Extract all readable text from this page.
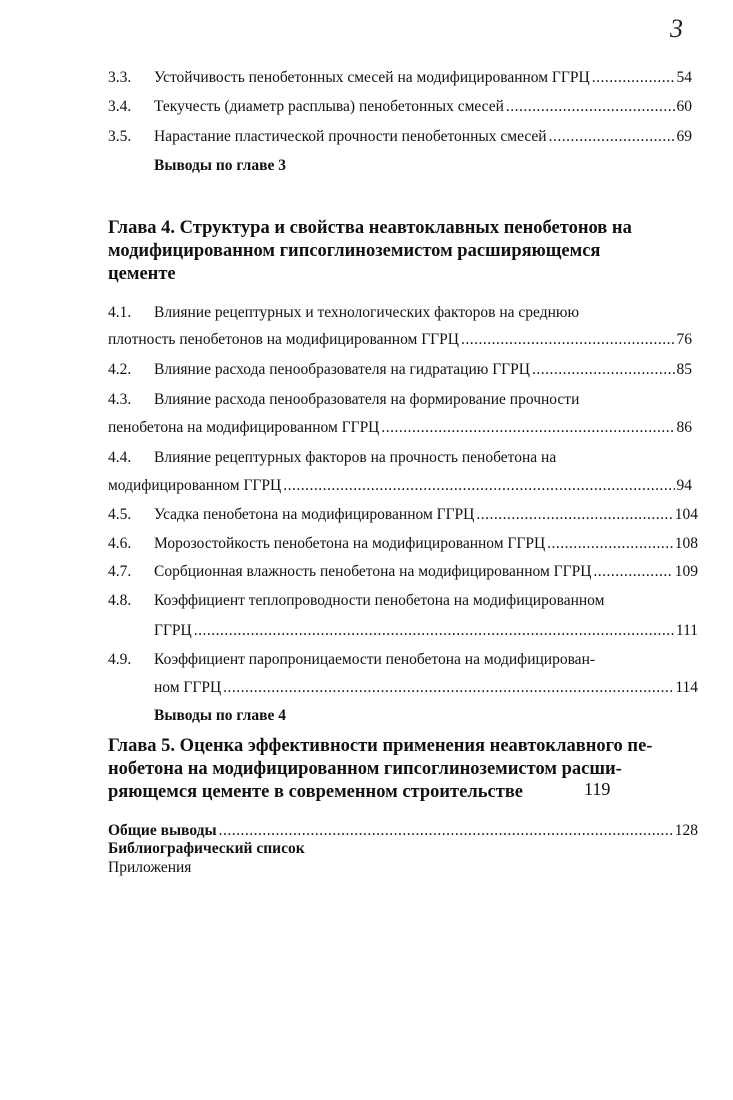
3
3.3.	Устойчивость пенобетонных смесей на модифицированном ГГРЦ .....	54
3.4.	Текучесть (диаметр расплыва) пенобетонных смесей .....	60
3.5.	Нарастание пластической прочности пенобетонных смесей .....	69
Выводы по главе 3
Глава 4. Структура и свойства неавтоклавных пенобетонов на
модифицированном гипсоглиноземистом расширяющемся
цементе
4.1.	Влияние рецептурных и технологических факторов на среднюю
плотность пенобетонов на модифицированном ГГРЦ .....	76
4.2.	Влияние расхода пенообразователя на гидратацию ГГРЦ .....	85
4.3.	Влияние расхода пенообразователя на формирование прочности
пенобетона на модифицированном ГГРЦ .....	86
4.4.	Влияние рецептурных факторов на прочность пенобетона на
модифицированном ГГРЦ .....	94
4.5.	Усадка пенобетона на модифицированном ГГРЦ .....	104
4.6.	Морозостойкость пенобетона на модифицированном ГГРЦ .....	108
4.7.	Сорбционная влажность пенобетона на модифицированном ГГРЦ .....	109
4.8.	Коэффициент теплопроводности пенобетона на модифицированном
ГГРЦ .....	111
4.9.	Коэффициент паропроницаемости пенобетона на модифицирован-
ном ГГРЦ .....	114
Выводы по главе 4
Глава 5. Оценка эффективности применения неавтоклавного пе-
нобетона на модифицированном гипсоглиноземистом расши-
ряющемся цементе в современном строительстве	119
Общие выводы .....	128
Библиографический список
Приложения
